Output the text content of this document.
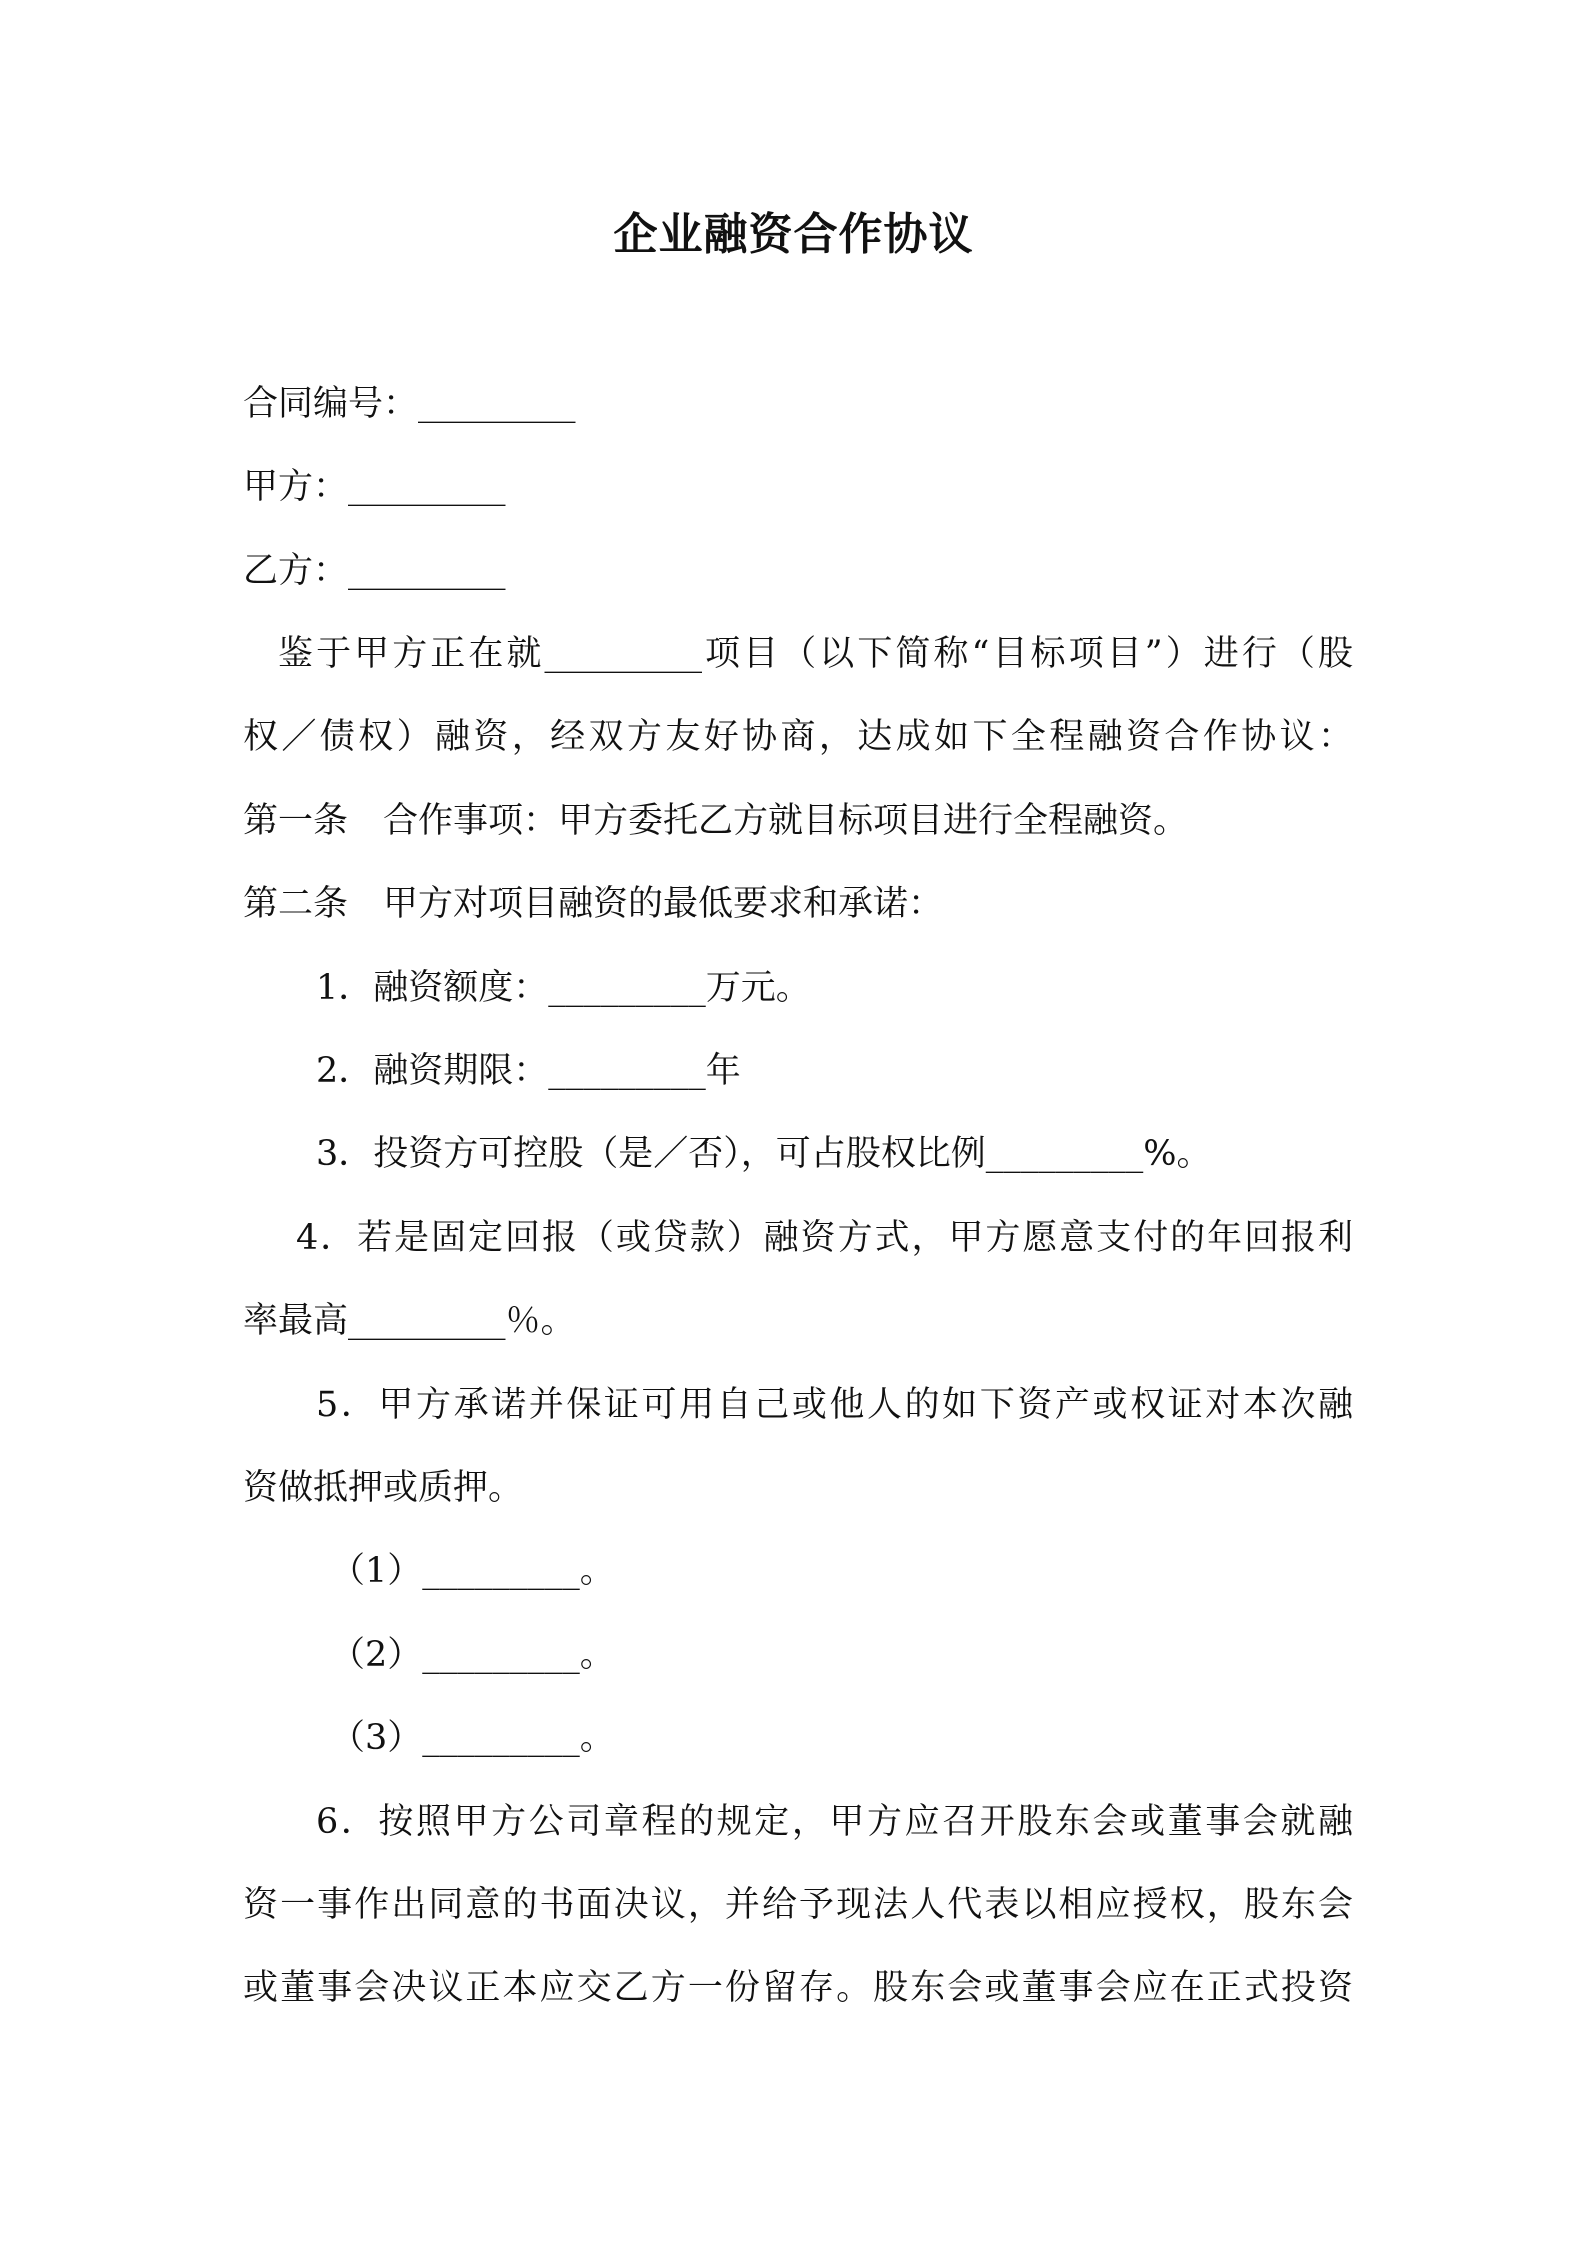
企业融资合作协议
合同编号：_________
甲方：_________
乙方：_________
鉴于甲方正在就_________项目（以下简称“目标项目”）进行（股
权／债权）融资，经双方友好协商，达成如下全程融资合作协议：
第一条　合作事项：甲方委托乙方就目标项目进行全程融资。
第二条　甲方对项目融资的最低要求和承诺：
1．融资额度：_________万元。
2．融资期限：_________年
3．投资方可控股（是／否），可占股权比例_________%。
4．若是固定回报（或贷款）融资方式，甲方愿意支付的年回报利
率最高_________％。
5．甲方承诺并保证可用自己或他人的如下资产或权证对本次融
资做抵押或质押。
（1）_________。
（2）_________。
（3）_________。
6．按照甲方公司章程的规定，甲方应召开股东会或董事会就融
资一事作出同意的书面决议，并给予现法人代表以相应授权，股东会
或董事会决议正本应交乙方一份留存。股东会或董事会应在正式投资
